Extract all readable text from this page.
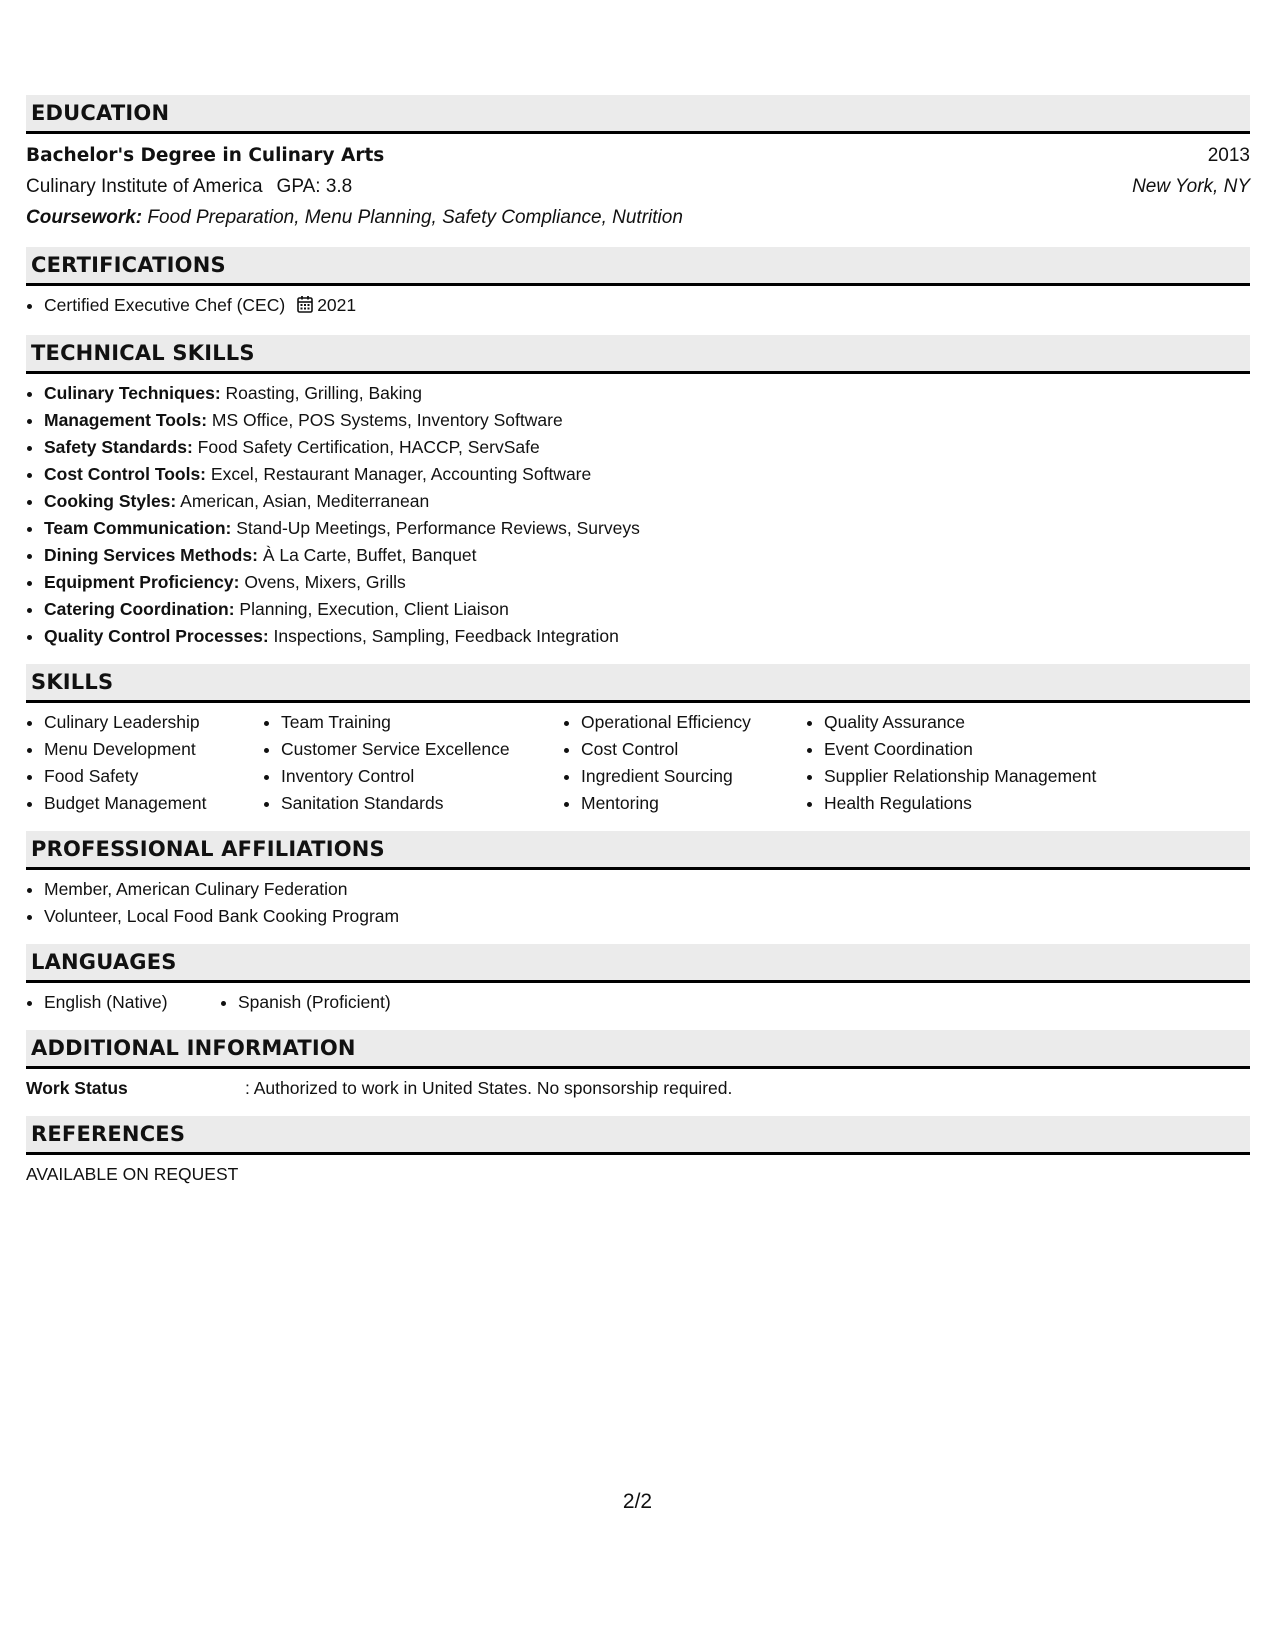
EDUCATION
Bachelor's Degree in Culinary Arts	2013
Culinary Institute of America GPA: 3.8	New York, NY
Coursework: Food Preparation, Menu Planning, Safety Compliance, Nutrition
CERTIFICATIONS
• Certified Executive Chef (CEC) 2021
TECHNICAL SKILLS
• Culinary Techniques: Roasting, Grilling, Baking
• Management Tools: MS Office, POS Systems, Inventory Software
• Safety Standards: Food Safety Certification, HACCP, ServSafe
• Cost Control Tools: Excel, Restaurant Manager, Accounting Software
• Cooking Styles: American, Asian, Mediterranean
• Team Communication: Stand-Up Meetings, Performance Reviews, Surveys
• Dining Services Methods: À La Carte, Buffet, Banquet
• Equipment Proficiency: Ovens, Mixers, Grills
• Catering Coordination: Planning, Execution, Client Liaison
• Quality Control Processes: Inspections, Sampling, Feedback Integration
SKILLS
• Culinary Leadership
• Menu Development
• Food Safety
• Budget Management
• Team Training
• Customer Service Excellence
• Inventory Control
• Sanitation Standards
• Operational Efficiency
• Cost Control
• Ingredient Sourcing
• Mentoring
• Quality Assurance
• Event Coordination
• Supplier Relationship Management
• Health Regulations
PROFESSIONAL AFFILIATIONS
• Member, American Culinary Federation
• Volunteer, Local Food Bank Cooking Program
LANGUAGES
• English (Native)
•	Spanish (Proficient)
ADDITIONAL INFORMATION
Work Status	: Authorized to work in United States. No sponsorship required.
REFERENCES
AVAILABLE ON REQUEST
2/2
